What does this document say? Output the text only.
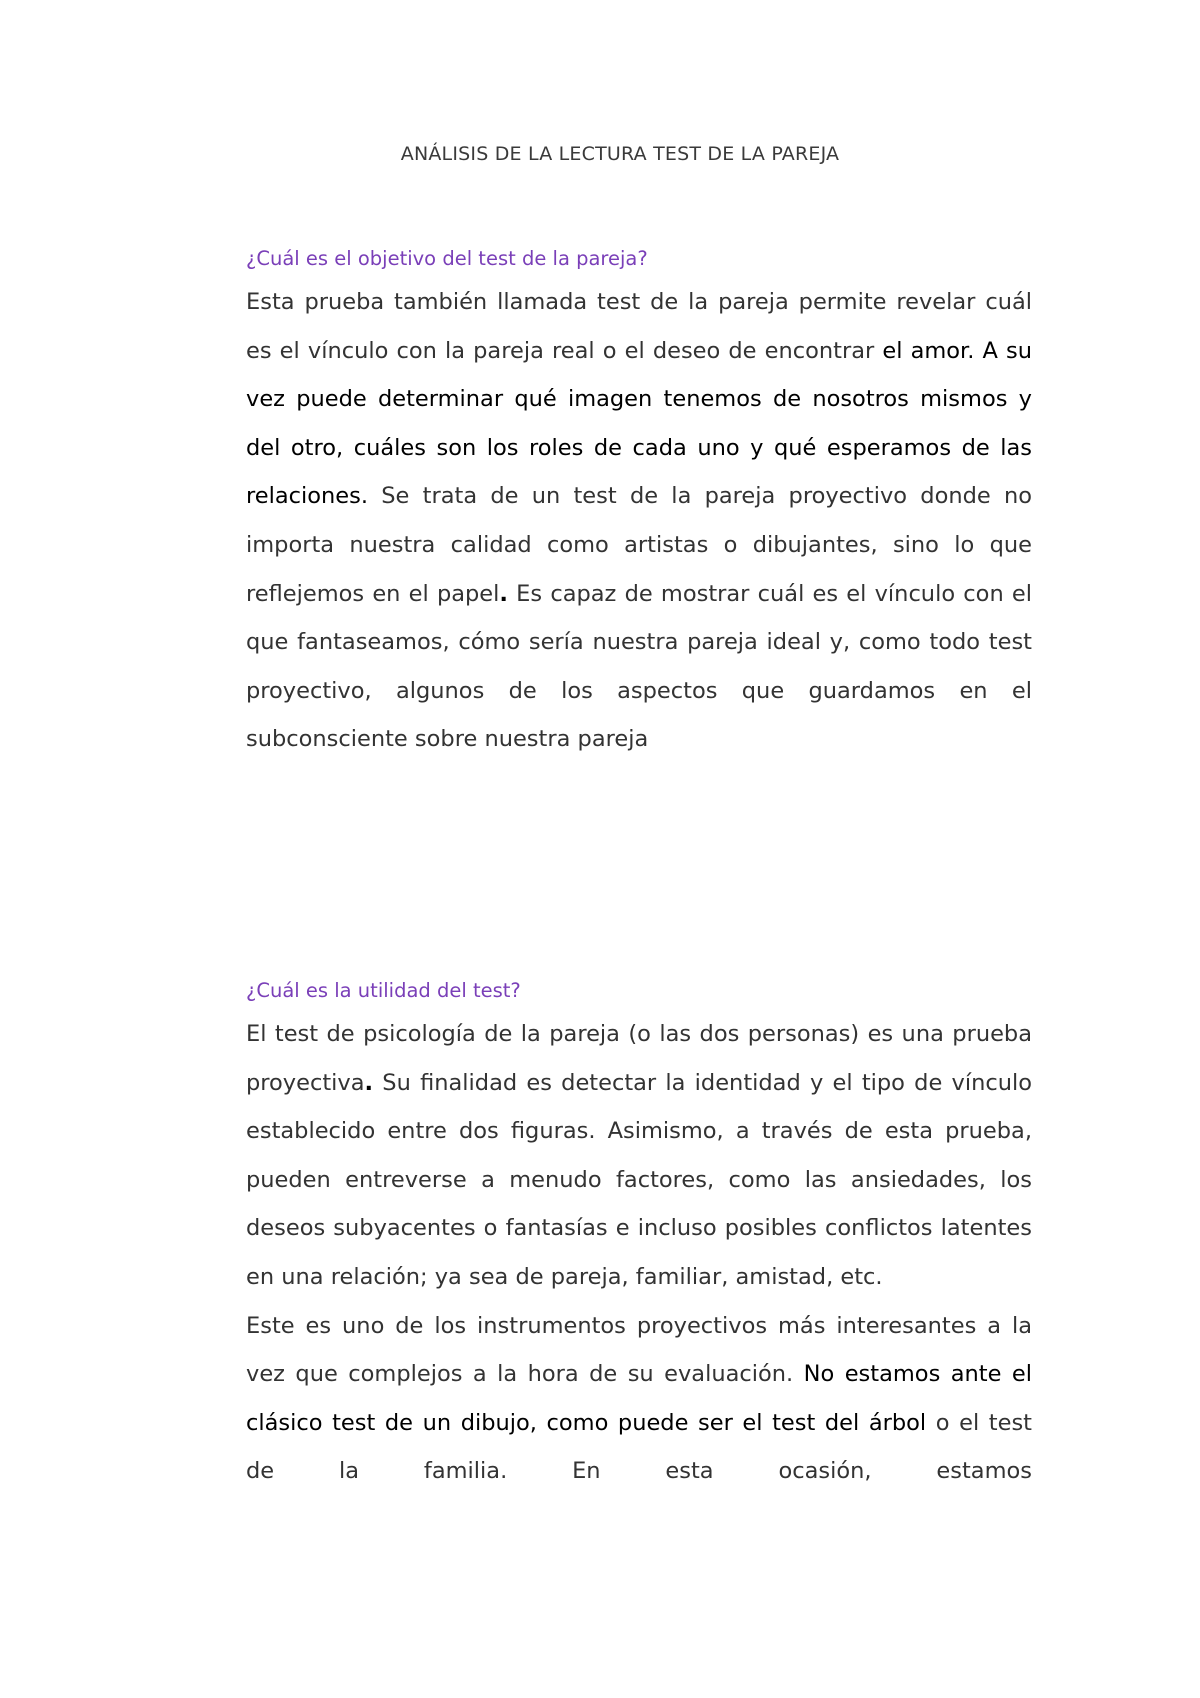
ANÁLISIS DE LA LECTURA TEST DE LA PAREJA

¿Cuál es el objetivo del test de la pareja?

Esta prueba también llamada test de la pareja permite revelar cuál es el vínculo con la pareja real o el deseo de encontrar el amor. A su vez puede determinar qué imagen tenemos de nosotros mismos y del otro, cuáles son los roles de cada uno y qué esperamos de las relaciones. Se trata de un test de la pareja proyectivo donde no importa nuestra calidad como artistas o dibujantes, sino lo que reflejemos en el papel. Es capaz de mostrar cuál es el vínculo con el que fantaseamos, cómo sería nuestra pareja ideal y, como todo test proyectivo, algunos de los aspectos que guardamos en el subconsciente sobre nuestra pareja

¿Cuál es la utilidad del test?

El test de psicología de la pareja (o las dos personas) es una prueba proyectiva. Su finalidad es detectar la identidad y el tipo de vínculo establecido entre dos figuras. Asimismo, a través de esta prueba, pueden entreverse a menudo factores, como las ansiedades, los deseos subyacentes o fantasías e incluso posibles conflictos latentes en una relación; ya sea de pareja, familiar, amistad, etc.

Este es uno de los instrumentos proyectivos más interesantes a la vez que complejos a la hora de su evaluación. No estamos ante el clásico test de un dibujo, como puede ser el test del árbol o el test de la familia. En esta ocasión, estamos
